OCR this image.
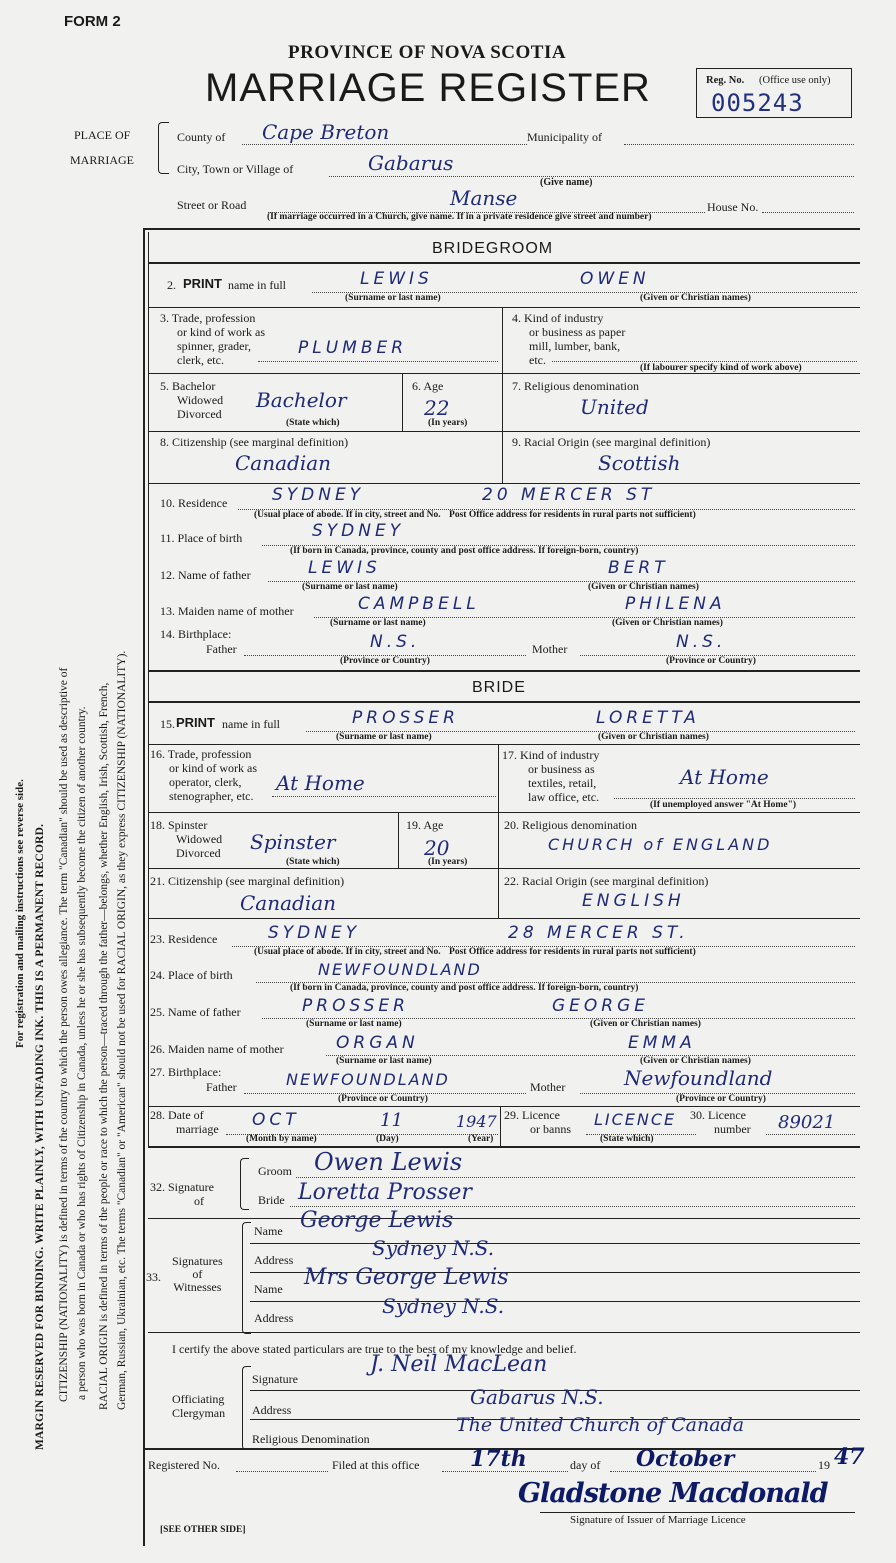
FORM 2
PROVINCE OF NOVA SCOTIA
MARRIAGE REGISTER	Reg. No. (Office use only)
005243
For registration and mailing instructions see reverse side. MARGIN RESERVED FOR BINDING. WRITE PLAINLY, WITH UNFADING INK. THIS IS A PERMANENT RECORD. CITIZENSHIP (NATIONALITY) is defined in terms of the country to which the person owes allegiance. The term "Canadian" should be used as descriptive of a person who was born in Canada or who has rights of Citizenship in Canada, unless he or she has subsequently become the citizen of another country. RACIAL ORIGIN is defined in terms of the people or race to which the person—traced through the father—belongs, whether English, Irish, Scottish, French, German, Russian, Ukrainian, etc. The terms "Canadian" or "American" should not be used for RACIAL ORIGIN, as they express CITIZENSHIP (NATIONALITY).
PLACE OF
MARRIAGE
County of Cape Breton	Municipality of
City, Town or Village of	Gabarus
(Give name)
Street or Road	Manse	House No.
(If marriage occurred in a Church, give name. If in a private residence give street and number)
BRIDEGROOM
2. PRINT name in full	LEWIS	OWEN
(Surname or last name)	(Given or Christian names)
3. Trade, profession
or kind of work as
spinner, grader,
clerk, etc.
PLUMBER
4. Kind of industry
or business as paper
mill, lumber, bank,
etc.
(If labourer specify kind of work above)
5. Bachelor
Widowed
Divorced
Bachelor
(State which)
6. Age
22
(In years)
7. Religious denomination
United
8. Citizenship (see marginal definition)
Canadian
9. Racial Origin (see marginal definition)
Scottish
10. Residence	SYDNEY	20 MERCER ST
(Usual place of abode. If in city, street and No. Post Office address for residents in rural parts not sufficient)
11. Place of birth	SYDNEY
(If born in Canada, province, county and post office address. If foreign-born, country)
12. Name of father	LEWIS	BERT
(Surname or last name)	(Given or Christian names)
13. Maiden name of mother	CAMPBELL	PHILENA
(Surname or last name)	(Given or Christian names)
14. Birthplace:
Father	N.S.
(Province or Country)
Mother	N.S.
(Province or Country)
BRIDE
15. PRINT name in full	PROSSER	LORETTA
(Surname or last name)	(Given or Christian names)
16. Trade, profession
or kind of work as
operator, clerk,
stenographer, etc.
At Home
17. Kind of industry
or business as
textiles, retail,
law office, etc.
At Home
(If unemployed answer "At Home")
18. Spinster
Widowed
Divorced Spinster
(State which)
19. Age
20
(In years)
20. Religious denomination
CHURCH of ENGLAND
21. Citizenship (see marginal definition)
Canadian
22. Racial Origin (see marginal definition)
ENGLISH
23. Residence	SYDNEY	28 MERCER ST.
(Usual place of abode. If in city, street and No. Post Office address for residents in rural parts not sufficient)
24. Place of birth	NEWFOUNDLAND
(If born in Canada, province, county and post office address. If foreign-born, country)
25. Name of father	PROSSER	GEORGE
(Surname or last name)	(Given or Christian names)
26. Maiden name of mother	ORGAN	EMMA
(Surname or last name)	(Given or Christian names)
27. Birthplace:
Father	NEWFOUNDLAND
(Province or Country)
Mother	Newfoundland
(Province or Country)
28. Date of
marriage OCT	11	1947
(Month by name)	(Day)	(Year)
29. Licence
or banns LICENCE
(State which)
30. Licence
number 89021
32. Signature
of
Groom Owen Lewis
Bride Loretta Prosser
33.
Signatures
of
Witnesses
Name George Lewis
Address	Sydney N.S.
Name Mrs George Lewis
Address	Sydney N.S.
I certify the above stated particulars are true to the best of my knowledge and belief.
Officiating
Clergyman
Signature
J. Neil MacLean
Address
Gabarus N.S.
Religious Denomination
The United Church of Canada
Registered No.	Filed at this office 17th	day of October	19 47
Gladstone Macdonald
Signature of Issuer of Marriage Licence
[SEE OTHER SIDE]
